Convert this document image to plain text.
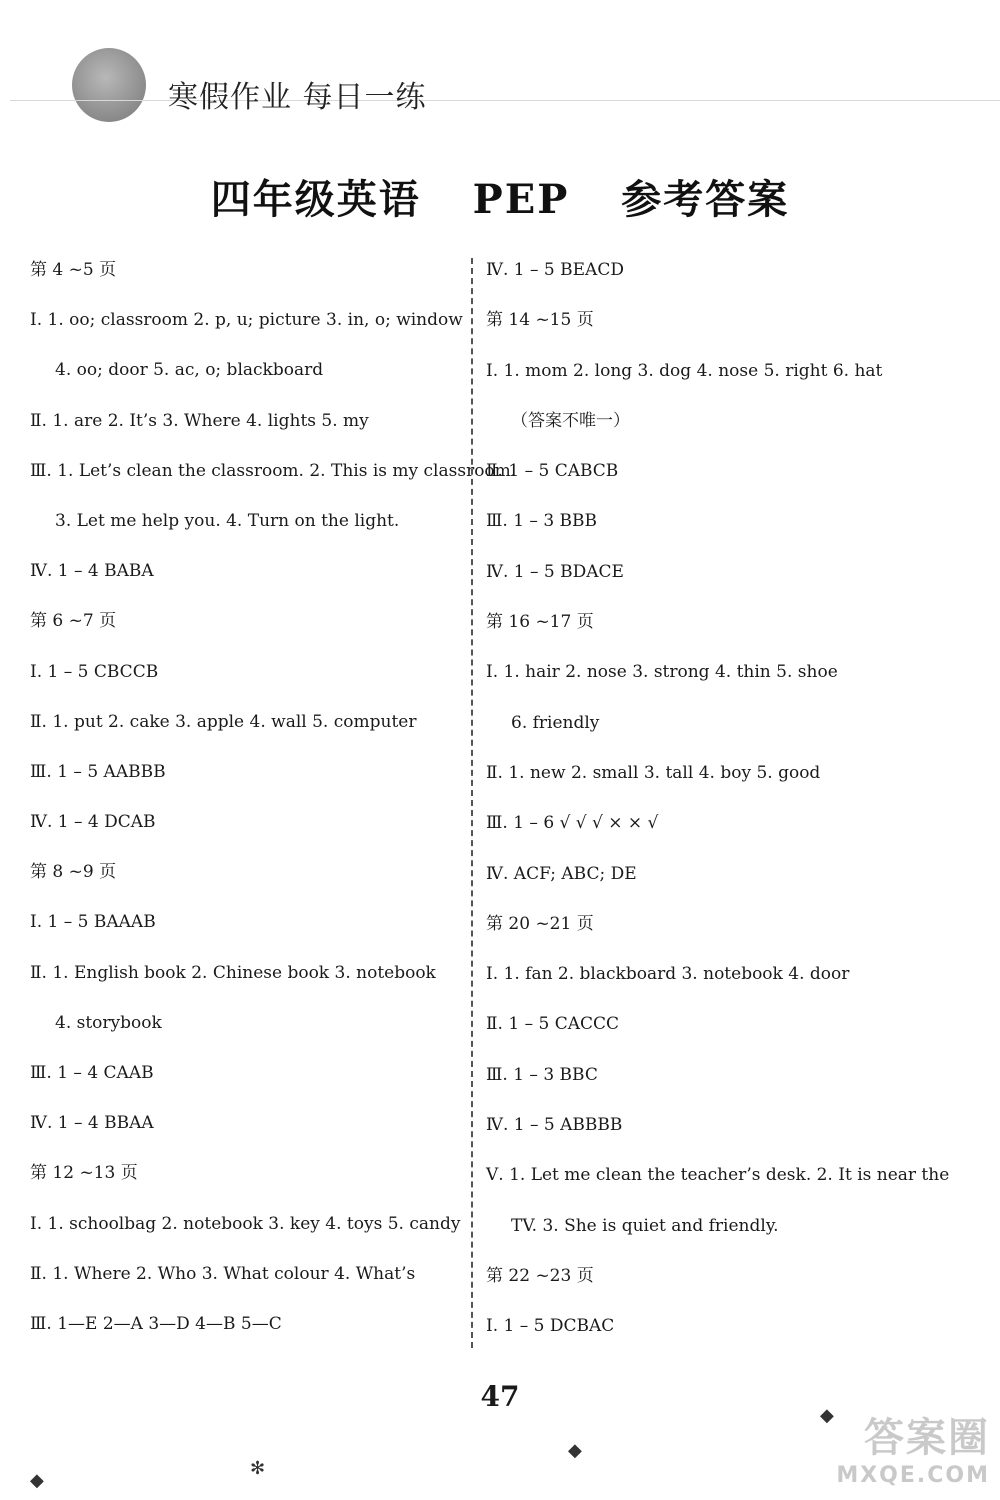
寒假作业 每日一练
四年级英语 PEP 参考答案
第 4 ~5 页
Ⅰ. 1. oo; classroom 2. p, u; picture 3. in, o; window
4. oo; door 5. ac, o; blackboard
Ⅱ. 1. are 2. It’s 3. Where 4. lights 5. my
Ⅲ. 1. Let’s clean the classroom. 2. This is my classroom.
3. Let me help you. 4. Turn on the light.
Ⅳ. 1 – 4 BABA
第 6 ~7 页
Ⅰ. 1 – 5 CBCCB
Ⅱ. 1. put 2. cake 3. apple 4. wall 5. computer
Ⅲ. 1 – 5 AABBB
Ⅳ. 1 – 4 DCAB
第 8 ~9 页
Ⅰ. 1 – 5 BAAAB
Ⅱ. 1. English book 2. Chinese book 3. notebook
4. storybook
Ⅲ. 1 – 4 CAAB
Ⅳ. 1 – 4 BBAA
第 12 ~13 页
Ⅰ. 1. schoolbag 2. notebook 3. key 4. toys 5. candy
Ⅱ. 1. Where 2. Who 3. What colour 4. What’s
Ⅲ. 1—E 2—A 3—D 4—B 5—C
Ⅳ. 1 – 5 BEACD
第 14 ~15 页
Ⅰ. 1. mom 2. long 3. dog 4. nose 5. right 6. hat
（答案不唯一）
Ⅱ. 1 – 5 CABCB
Ⅲ. 1 – 3 BBB
Ⅳ. 1 – 5 BDACE
第 16 ~17 页
Ⅰ. 1. hair 2. nose 3. strong 4. thin 5. shoe
6. friendly
Ⅱ. 1. new 2. small 3. tall 4. boy 5. good
Ⅲ. 1 – 6 √ √ √ × × √
Ⅳ. ACF; ABC; DE
第 20 ~21 页
Ⅰ. 1. fan 2. blackboard 3. notebook 4. door
Ⅱ. 1 – 5 CACCC
Ⅲ. 1 – 3 BBC
Ⅳ. 1 – 5 ABBBB
Ⅴ. 1. Let me clean the teacher’s desk. 2. It is near the
TV. 3. She is quiet and friendly.
第 22 ~23 页
Ⅰ. 1 – 5 DCBAC
47
◆
✻
◆
◆ 答案圈
MXQE.COM
